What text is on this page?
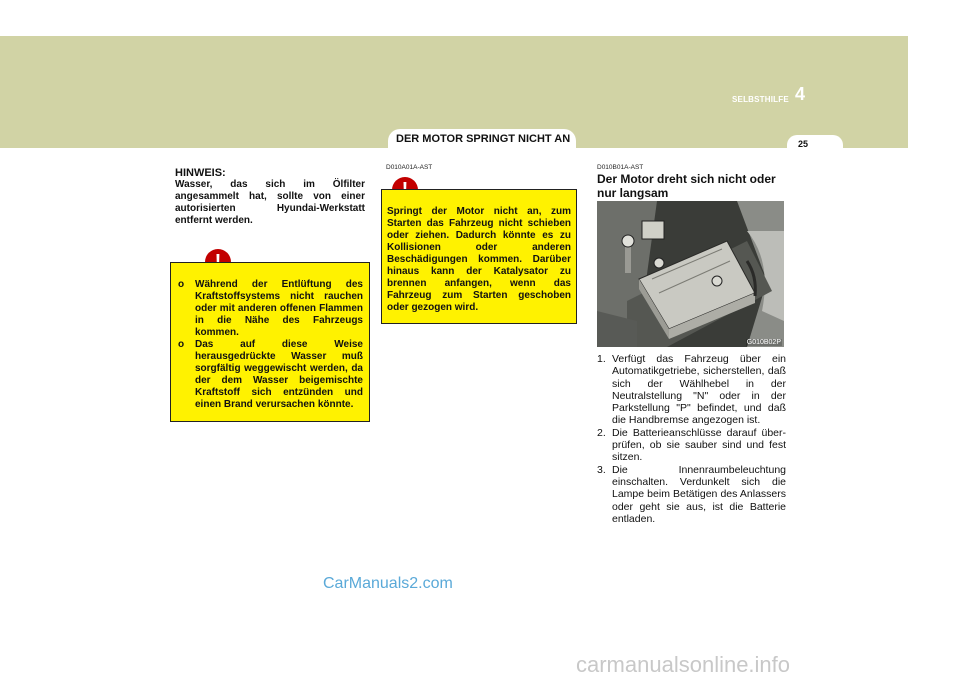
SELBSTHILFE 4
25
DER MOTOR SPRINGT NICHT AN
HINWEIS:
Wasser, das sich im Ölfilter angesammelt hat, sollte von einer autorisierten Hyundai-Werkstatt entfernt werden.
o Während der Entlüftung des Kraftstoffsystems nicht rauchen oder mit anderen offenen Flammen in die Nähe des Fahrzeugs kommen.
o Das auf diese Weise herausgedrückte Wasser muß sorgfältig weggewischt werden, da der dem Wasser beigemischte Kraftstoff sich entzünden und einen Brand verursachen könnte.
D010A01A-AST
Springt der Motor nicht an, zum Starten das Fahrzeug nicht schieben oder ziehen. Dadurch könnte es zu Kollisionen oder anderen Beschädigungen kommen. Darüber hinaus kann der Katalysator zu brennen anfangen, wenn das Fahrzeug zum Starten geschoben oder gezogen wird.
D010B01A-AST
Der Motor dreht sich nicht oder nur langsam
G010B02P
1. Verfügt das Fahrzeug über ein Automatikgetriebe, sicherstellen, daß sich der Wählhebel in der Neutralstellung "N" oder in der Parkstellung "P" befindet, und daß die Handbremse angezogen ist.
2. Die Batterieanschlüsse darauf über-prüfen, ob sie sauber sind und fest sitzen.
3. Die Innenraumbeleuchtung einschalten. Verdunkelt sich die Lampe beim Betätigen des Anlassers oder geht sie aus, ist die Batterie entladen.
CarManuals2.com
carmanualsonline.info
